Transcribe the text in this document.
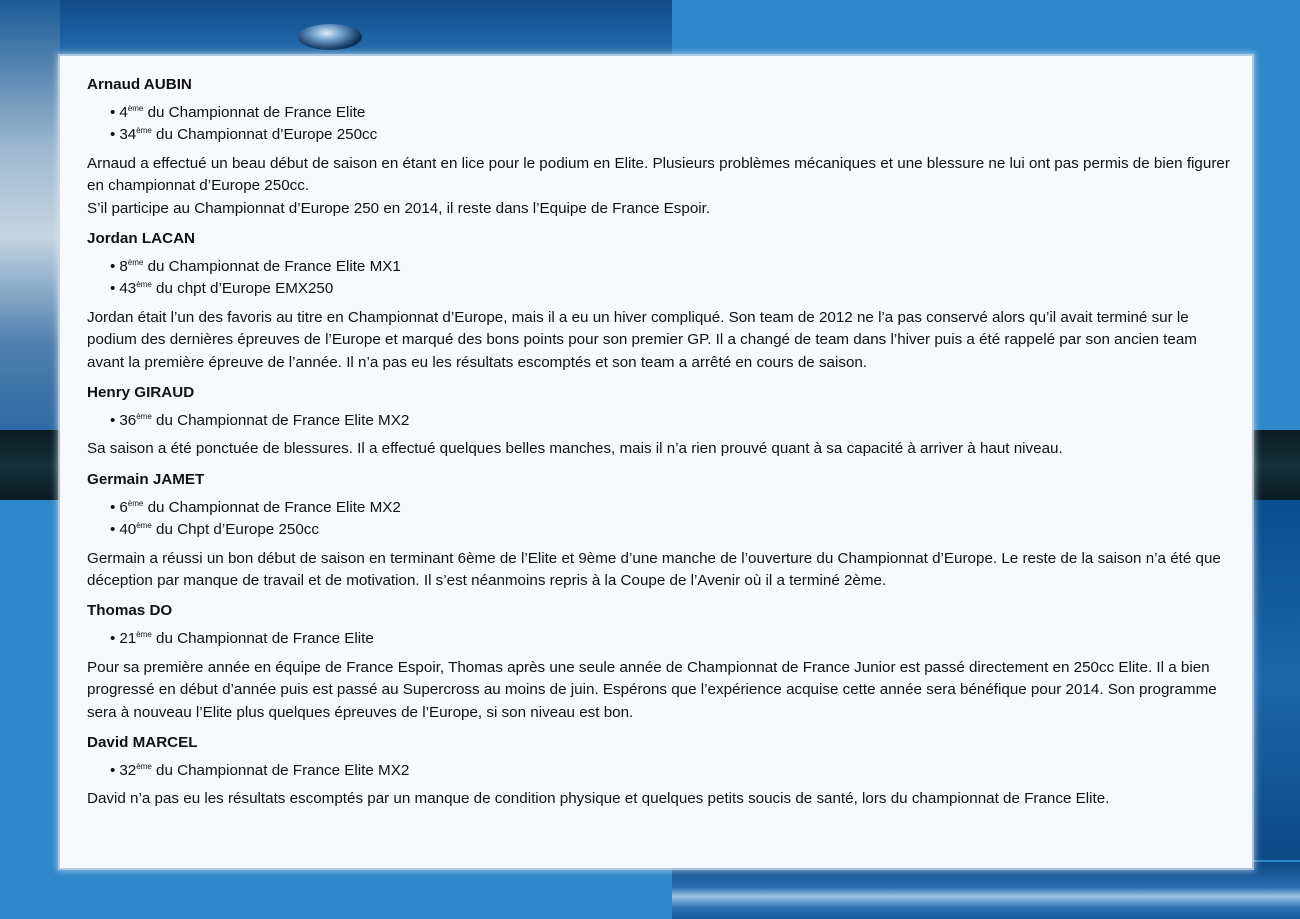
Arnaud AUBIN
• 4ème du Championnat de France Elite
• 34ème du Championnat d’Europe 250cc
Arnaud a effectué un beau début de saison en étant en lice pour le podium en Elite. Plusieurs problèmes mécaniques et une blessure ne lui ont pas permis de bien figurer en championnat d’Europe 250cc.
S’il participe au Championnat d’Europe 250 en 2014, il reste dans l’Equipe de France Espoir.
Jordan LACAN
• 8ème du Championnat de France Elite MX1
• 43ème du chpt d’Europe EMX250
Jordan était l’un des favoris au titre en Championnat d’Europe, mais il a eu un hiver compliqué. Son team de 2012 ne l’a pas conservé alors qu’il avait terminé sur le podium des dernières épreuves de l’Europe et marqué des bons points pour son premier GP. Il a changé de team dans l’hiver puis a été rappelé par son ancien team avant la première épreuve de l’année. Il n’a pas eu les résultats escomptés et son team a arrêté en cours de saison.
Henry GIRAUD
• 36ème du Championnat de France Elite MX2
Sa saison a été ponctuée de blessures. Il a effectué quelques belles manches, mais il n’a rien prouvé quant à sa capacité à arriver à haut niveau.
Germain JAMET
• 6ème du Championnat de France Elite MX2
• 40ème du Chpt d’Europe 250cc
Germain a réussi un bon début de saison en terminant 6ème de l’Elite et 9ème d’une manche de l’ouverture du Championnat d’Europe. Le reste de la saison n’a été que déception par manque de travail et de motivation. Il s’est néanmoins repris à la Coupe de l’Avenir où il a terminé 2ème.
Thomas DO
• 21ème du Championnat de France Elite
Pour sa première année en équipe de France Espoir, Thomas après une seule année de Championnat de France Junior est passé directement en 250cc Elite. Il a bien progressé en début d’année puis est passé au Supercross au moins de juin. Espérons que l’expérience acquise cette année sera bénéfique pour 2014. Son programme sera à nouveau l’Elite plus quelques épreuves de l’Europe, si son niveau est bon.
David MARCEL
• 32ème du Championnat de France Elite MX2
David n’a pas eu les résultats escomptés par un manque de condition physique et quelques petits soucis de santé, lors du championnat de France Elite.
